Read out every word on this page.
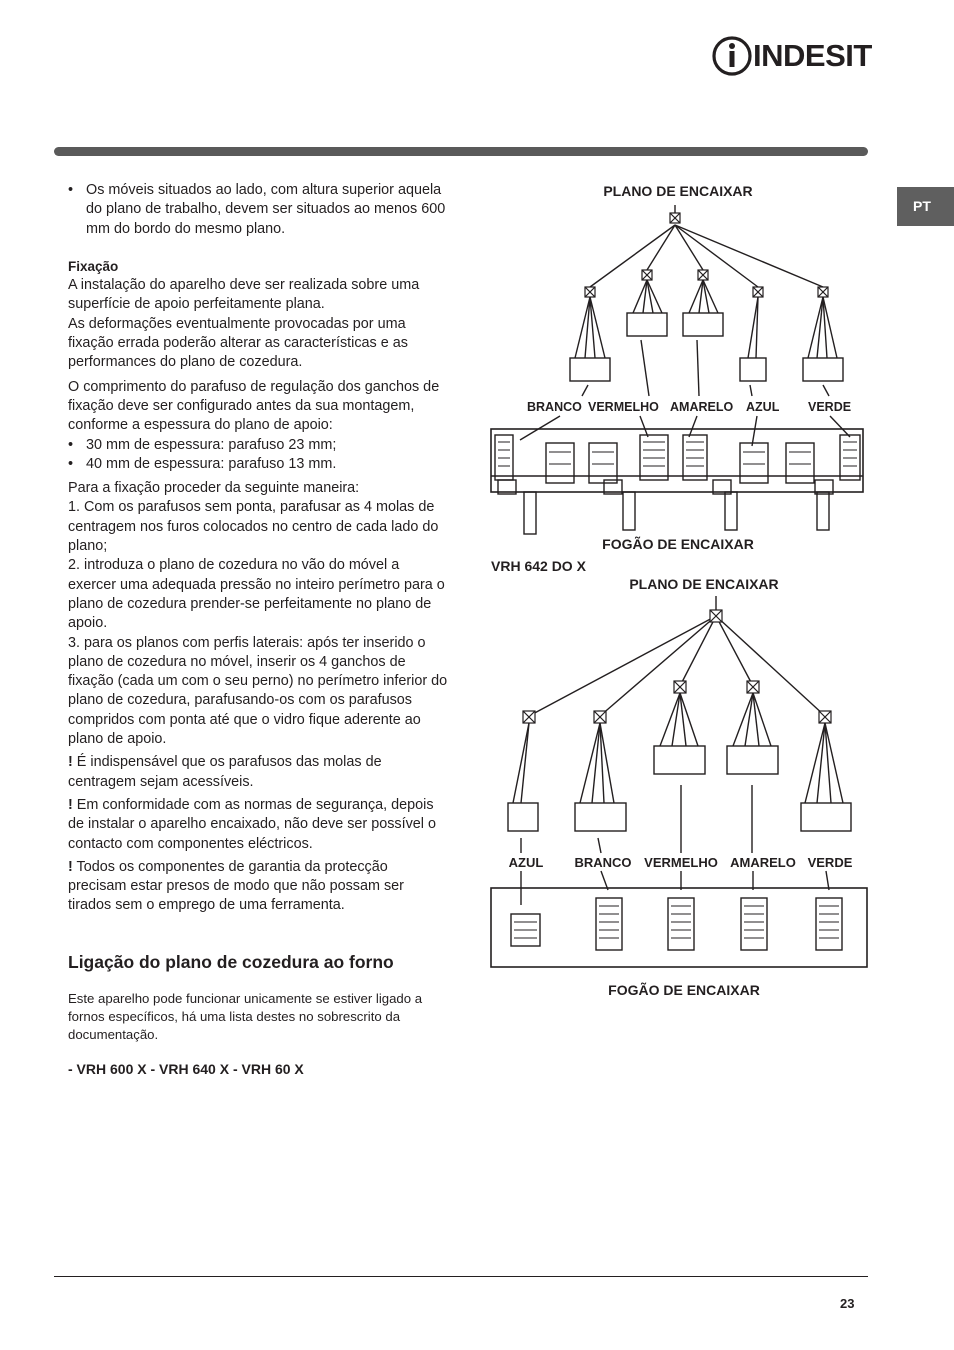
INDESIT
PT

• Os móveis situados ao lado, com altura superior aquela do plano de trabalho, devem ser situados ao menos 600 mm do bordo do mesmo plano.

Fixação

A instalação do aparelho deve ser realizada sobre uma superfície de apoio perfeitamente plana.

As deformações eventualmente provocadas por uma fixação errada poderão alterar as características e as performances do plano de cozedura.

O comprimento do parafuso de regulação dos ganchos de fixação deve ser configurado antes da sua montagem, conforme a espessura do plano de apoio:

• 30 mm de espessura: parafuso 23 mm;

• 40 mm de espessura: parafuso 13 mm.

Para a fixação proceder da seguinte maneira:

1. Com os parafusos sem ponta, parafusar as 4 molas de centragem nos furos colocados no centro de cada lado do plano;

2. introduza o plano de cozedura no vão do móvel a exercer uma adequada pressão no inteiro perímetro para o plano de cozedura prender-se perfeitamente no plano de apoio.

3. para os planos com perfis laterais: após ter inserido o plano de cozedura no móvel, inserir os 4 ganchos de fixação (cada um com o seu perno) no perímetro inferior do plano de cozedura, parafusando-os com os parafusos compridos com ponta até que o vidro fique aderente ao plano de apoio.

! É indispensável que os parafusos das molas de centragem sejam acessíveis.

! Em conformidade com as normas de segurança, depois de instalar o aparelho encaixado, não deve ser possível o contacto com componentes eléctricos.

! Todos os componentes de garantia da protecção precisam estar presos de modo que não possam ser tirados sem o emprego de uma ferramenta.

Ligação do plano de cozedura ao forno
Este aparelho pode funcionar unicamente se estiver ligado a fornos específicos, há uma lista destes no sobrescrito da documentação.
- VRH 600 X - VRH 640 X - VRH 60 X
PLANO DE ENCAIXAR
BRANCO VERMELHO AMARELO AZUL VERDE
FOGÃO DE ENCAIXAR
VRH 642 DO X
PLANO DE ENCAIXAR
AZUL BRANCO VERMELHO AMARELO VERDE
FOGÃO DE ENCAIXAR
23
